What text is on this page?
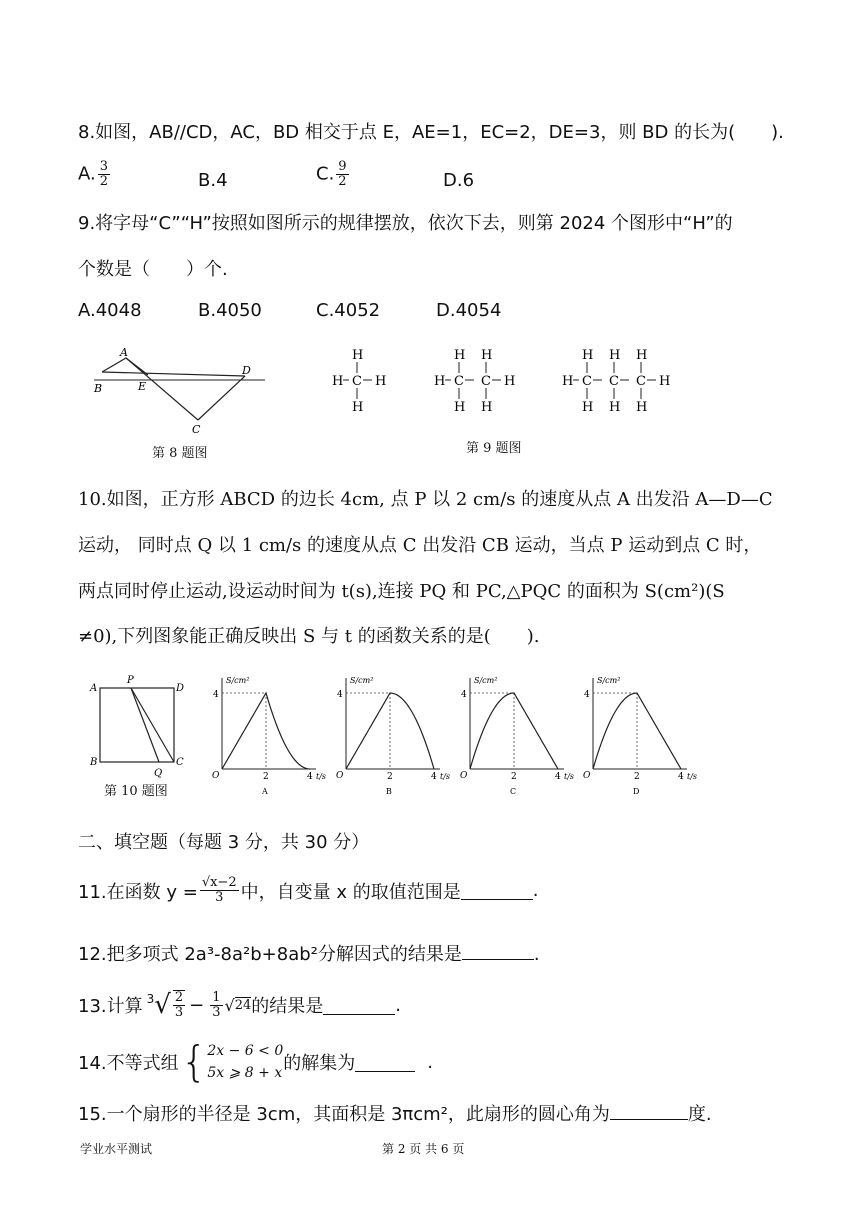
8.如图，AB//CD，AC，BD 相交于点 E，AE=1，EC=2，DE=3，则 BD 的长为(　　).
A. $\frac{3}{2}$	B.4	C. $\frac{9}{2}$	D.6
9.将字母“C”“H”按照如图所示的规律摆放，依次下去，则第 2024 个图形中“H”的
个数是（　　）个.
A.4048	B.4050	C.4052	D.4054
A
B	E
D
C
第 8 题图
H C
H
H
H	H C
H
H
C
H
H
H	H C
H
H
C
H
H
C
H
H
H
第 9 题图
10.如图，正方形 ABCD 的边长 4cm, 点 P 以 2 cm/s 的速度从点 A 出发沿 A—D—C
运动， 同时点 Q 以 1 cm/s 的速度从点 C 出发沿 CB 运动，当点 P 运动到点 C 时，
两点同时停止运动,设运动时间为 t(s),连接 PQ 和 PC,△PQC 的面积为 S(cm²)(S
≠0),下列图象能正确反映出 S 与 t 的函数关系的是(　　).
A
P
D
B
Q
C
第 10 题图
S/cm²
O
4
2	4 t/s
A
S/cm²
O
4
2	4 t/s
B
S/cm²
O
4
2	4 t/s
C
S/cm²
O
4
2	4 t/s
D
二、填空题（每题 3 分，共 30 分）
11.在函数 $y = \frac{√x-2}{3}$ 中，自变量 x 的取值范围是	.
12.把多项式 2a³-8a²b+8ab²分解因式的结果是	.
13.计算 3 √ $\frac{2}{3} - \frac{1}{3}$ √ 24 的结果是	.
14.不等式组 { 2x − 6 < 0
5x ⩾ 8 + x 的解集为	.
15.一个扇形的半径是 3cm，其面积是 3πcm²，此扇形的圆心角为	度.
学业水平测试	第 2 页 共 6 页
